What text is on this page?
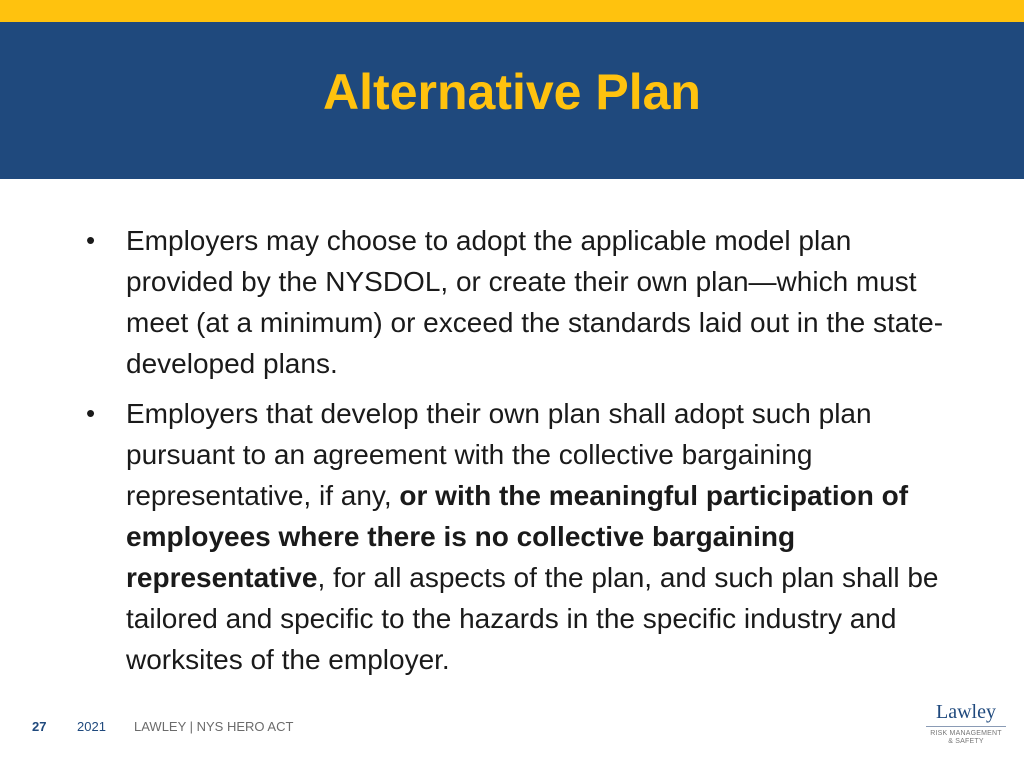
Alternative Plan
•	Employers may choose to adopt the applicable model plan provided by the NYSDOL, or create their own plan—which must meet (at a minimum) or exceed the standards laid out in the state-developed plans.
•	Employers that develop their own plan shall adopt such plan pursuant to an agreement with the collective bargaining representative, if any, or with the meaningful participation of employees where there is no collective bargaining representative, for all aspects of the plan, and such plan shall be tailored and specific to the hazards in the specific industry and worksites of the employer.
27 2021 LAWLEY | NYS HERO ACT
Lawley
RISK MANAGEMENT
& SAFETY
